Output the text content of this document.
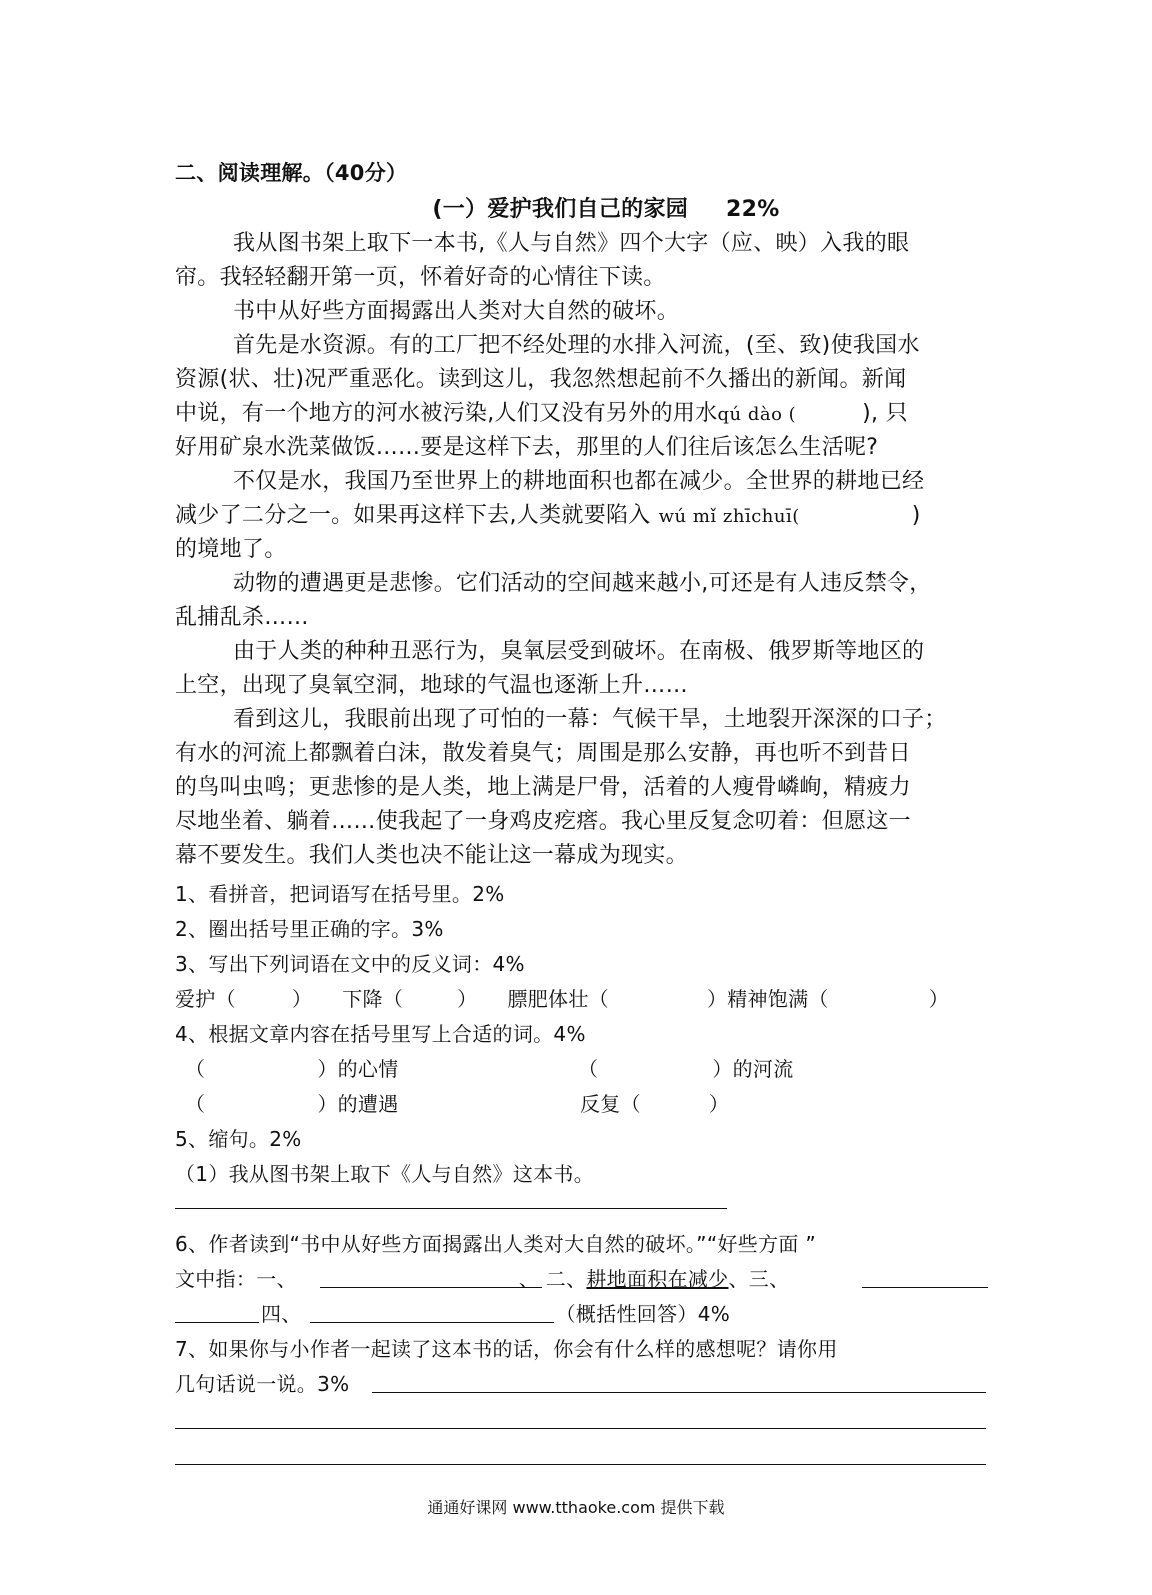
二、阅读理解。（40分）
(一）爱护我们自己的家园 22%
我从图书架上取下一本书,《人与自然》四个大字（应、映）入我的眼
帘。我轻轻翻开第一页，怀着好奇的心情往下读。
书中从好些方面揭露出人类对大自然的破坏。
首先是水资源。有的工厂把不经处理的水排入河流，(至、致)使我国水
资源(状、壮)况严重恶化。读到这儿，我忽然想起前不久播出的新闻。新闻
中说，有一个地方的河水被污染,人们又没有另外的用水qú dào (	), 只
好用矿泉水洗菜做饭……要是这样下去，那里的人们往后该怎么生活呢?
不仅是水，我国乃至世界上的耕地面积也都在减少。全世界的耕地已经
减少了二分之一。如果再这样下去,人类就要陷入 wú mǐ zhīchuī(	)
的境地了。
动物的遭遇更是悲惨。它们活动的空间越来越小,可还是有人违反禁令，
乱捕乱杀……
由于人类的种种丑恶行为，臭氧层受到破坏。在南极、俄罗斯等地区的
上空，出现了臭氧空洞，地球的气温也逐渐上升……
看到这儿，我眼前出现了可怕的一幕：气候干旱，土地裂开深深的口子；
有水的河流上都飘着白沫，散发着臭气；周围是那么安静，再也听不到昔日
的鸟叫虫鸣；更悲惨的是人类，地上满是尸骨，活着的人瘦骨嶙峋，精疲力
尽地坐着、躺着……使我起了一身鸡皮疙瘩。我心里反复念叨着：但愿这一
幕不要发生。我们人类也决不能让这一幕成为现实。
1、看拼音，把词语写在括号里。2%
2、圈出括号里正确的字。3%
3、写出下列词语在文中的反义词：4%
爱护（	） 下降（	） 膘肥体壮（	）精神饱满（	）
4、根据文章内容在括号里写上合适的词。4%
（	）的心情	（	）的河流
（	）的遭遇	反复（	）
5、缩句。2%
（1）我从图书架上取下《人与自然》这本书。
6、作者读到“书中从好些方面揭露出人类对大自然的破坏。”“好些方面 ”
文中指：一、	、 二、耕地面积在减少、三、
四、	（概括性回答）4%
7、如果你与小作者一起读了这本书的话，你会有什么样的感想呢？请你用
几句话说一说。3%
通通好课网 www.tthaoke.com 提供下载
